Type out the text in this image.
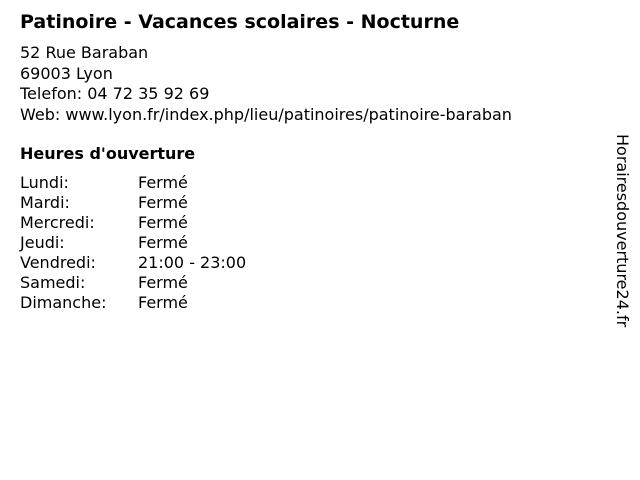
Patinoire - Vacances scolaires - Nocturne
52 Rue Baraban
69003 Lyon
Telefon: 04 72 35 92 69
Web: www.lyon.fr/index.php/lieu/patinoires/patinoire-baraban
Heures d'ouverture
Lundi:	Fermé
Mardi:	Fermé
Mercredi:	Fermé
Jeudi:	Fermé
Vendredi:	21:00 - 23:00
Samedi:	Fermé
Dimanche: Fermé	Horairesdouverture24.fr
